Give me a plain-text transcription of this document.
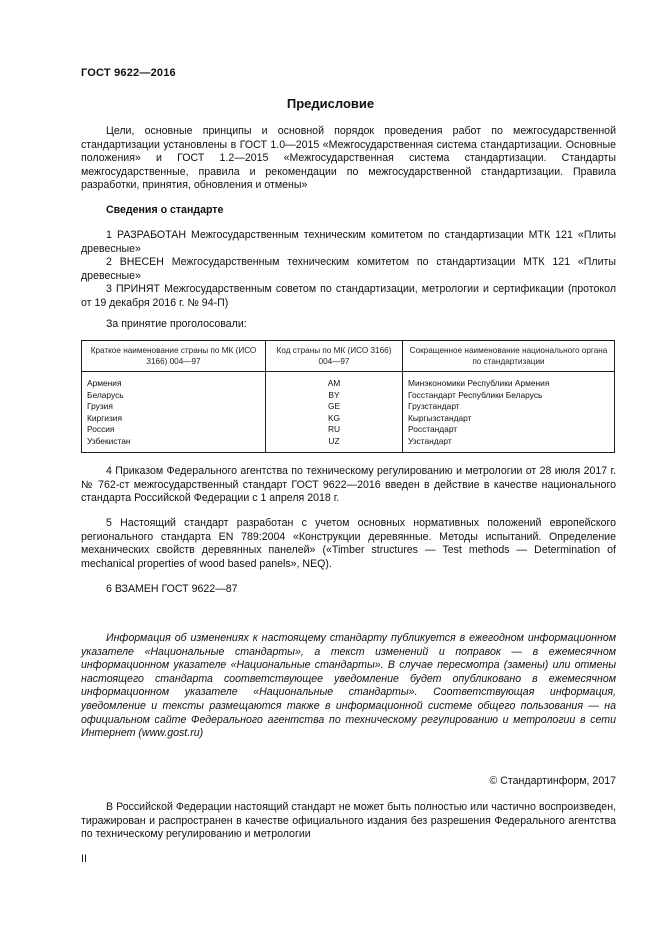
ГОСТ 9622—2016
Предисловие
Цели, основные принципы и основной порядок проведения работ по межгосударственной стандартизации установлены в ГОСТ 1.0—2015 «Межгосударственная система стандартизации. Основные положения» и ГОСТ 1.2—2015 «Межгосударственная система стандартизации. Стандарты межгосударственные, правила и рекомендации по межгосударственной стандартизации. Правила разработки, принятия, обновления и отмены»
Сведения о стандарте
1 РАЗРАБОТАН Межгосударственным техническим комитетом по стандартизации МТК 121 «Плиты древесные»
2 ВНЕСЕН Межгосударственным техническим комитетом по стандартизации МТК 121 «Плиты древесные»
3 ПРИНЯТ Межгосударственным советом по стандартизации, метрологии и сертификации (протокол от 19 декабря 2016 г. № 94-П)
За принятие проголосовали:
Краткое наименование страны по МК (ИСО 3166) 004—97	Код страны по МК (ИСО 3166) 004—97	Сокращенное наименование национального органа по стандартизации
Армения	AM	Минэкономики Республики Армения
Беларусь	BY	Госстандарт Республики Беларусь
Грузия	GE	Грузстандарт
Киргизия	KG	Кыргызстандарт
Россия	RU	Росстандарт
Узбекистан	UZ	Узстандарт
4 Приказом Федерального агентства по техническому регулированию и метрологии от 28 июля 2017 г. № 762-ст межгосударственный стандарт ГОСТ 9622—2016 введен в действие в качестве национального стандарта Российской Федерации с 1 апреля 2018 г.
5 Настоящий стандарт разработан с учетом основных нормативных положений европейского регионального стандарта EN 789:2004 «Конструкции деревянные. Методы испытаний. Определение механических свойств деревянных панелей» («Timber structures — Test methods — Determination of mechanical properties of wood based panels», NEQ).
6 ВЗАМЕН ГОСТ 9622—87
Информация об изменениях к настоящему стандарту публикуется в ежегодном информационном указателе «Национальные стандарты», а текст изменений и поправок — в ежемесячном информационном указателе «Национальные стандарты». В случае пересмотра (замены) или отмены настоящего стандарта соответствующее уведомление будет опубликовано в ежемесячном информационном указателе «Национальные стандарты». Соответствующая информация, уведомление и тексты размещаются также в информационной системе общего пользования — на официальном сайте Федерального агентства по техническому регулированию и метрологии в сети Интернет (www.gost.ru)
© Стандартинформ, 2017
В Российской Федерации настоящий стандарт не может быть полностью или частично воспроизведен, тиражирован и распространен в качестве официального издания без разрешения Федерального агентства по техническому регулированию и метрологии
II
